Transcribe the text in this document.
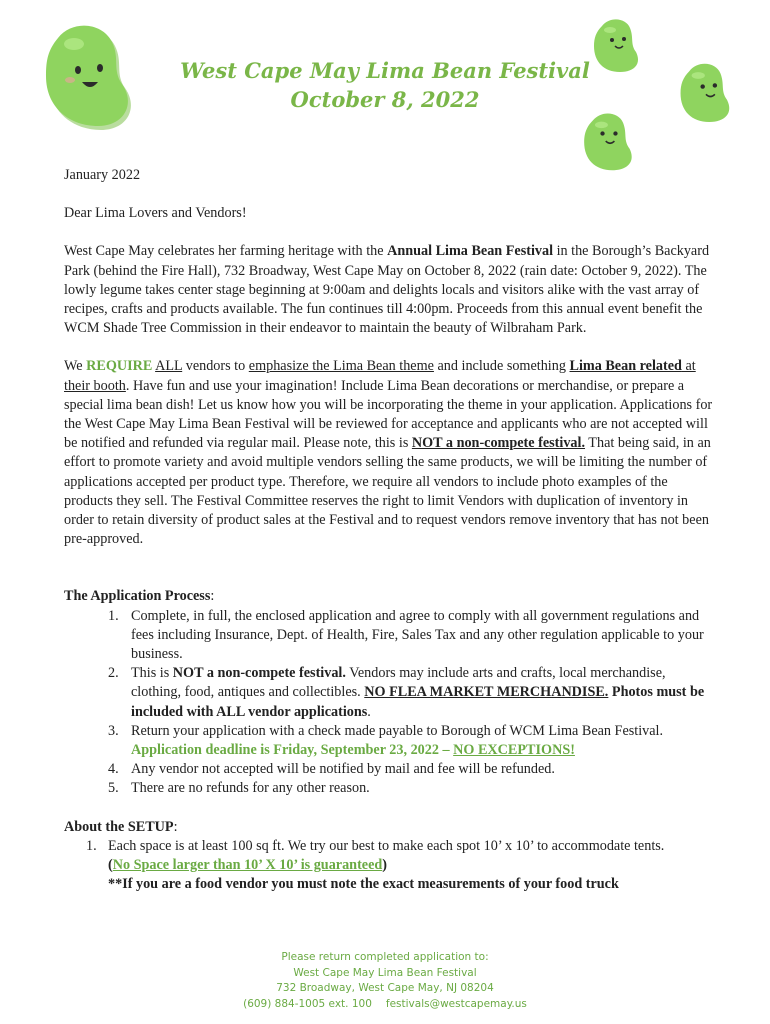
West Cape May Lima Bean Festival
October 8, 2022

January 2022

Dear Lima Lovers and Vendors!

West Cape May celebrates her farming heritage with the Annual Lima Bean Festival in the Borough’s Backyard Park (behind the Fire Hall), 732 Broadway, West Cape May on October 8, 2022 (rain date: October 9, 2022). The lowly legume takes center stage beginning at 9:00am and delights locals and visitors alike with the vast array of recipes, crafts and products available. The fun continues till 4:00pm. Proceeds from this annual event benefit the WCM Shade Tree Commission in their endeavor to maintain the beauty of Wilbraham Park.

We REQUIRE ALL vendors to emphasize the Lima Bean theme and include something Lima Bean related at their booth. Have fun and use your imagination! Include Lima Bean decorations or merchandise, or prepare a special lima bean dish! Let us know how you will be incorporating the theme in your application. Applications for the West Cape May Lima Bean Festival will be reviewed for acceptance and applicants who are not accepted will be notified and refunded via regular mail. Please note, this is NOT a non-compete festival. That being said, in an effort to promote variety and avoid multiple vendors selling the same products, we will be limiting the number of applications accepted per product type. Therefore, we require all vendors to include photo examples of the products they sell. The Festival Committee reserves the right to limit Vendors with duplication of inventory in order to retain diversity of product sales at the Festival and to request vendors remove inventory that has not been pre-approved.

The Application Process:

1. Complete, in full, the enclosed application and agree to comply with all government regulations and fees including Insurance, Dept. of Health, Fire, Sales Tax and any other regulation applicable to your business.
2. This is NOT a non-compete festival. Vendors may include arts and crafts, local merchandise, clothing, food, antiques and collectibles. NO FLEA MARKET MERCHANDISE. Photos must be included with ALL vendor applications.
3. Return your application with a check made payable to Borough of WCM Lima Bean Festival.
Application deadline is Friday, September 23, 2022 – NO EXCEPTIONS!
4. Any vendor not accepted will be notified by mail and fee will be refunded.
5. There are no refunds for any other reason.

About the SETUP:

1. Each space is at least 100 sq ft. We try our best to make each spot 10’ x 10’ to accommodate tents.
(No Space larger than 10’ X 10’ is guaranteed)
**If you are a food vendor you must note the exact measurements of your food truck
Please return completed application to:
West Cape May Lima Bean Festival
732 Broadway, West Cape May, NJ 08204
(609) 884-1005 ext. 100 festivals@westcapemay.us
